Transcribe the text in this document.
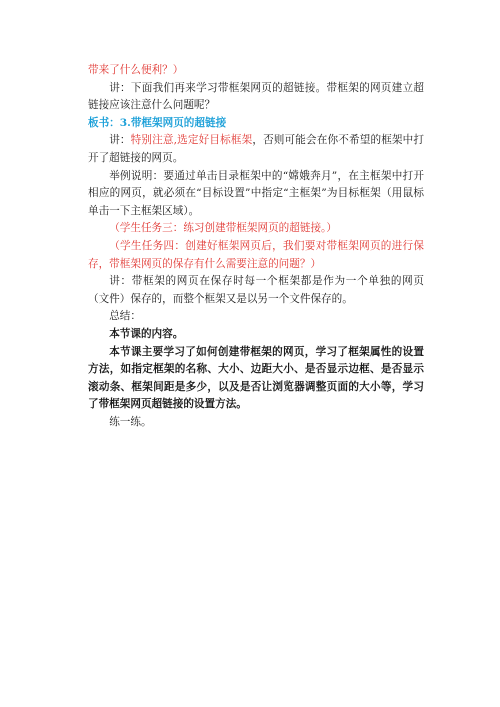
带来了什么便利？）

讲：下面我们再来学习带框架网页的超链接。带框架的网页建立超链接应该注意什么问题呢？

板书：3.带框架网页的超链接

讲：特别注意,选定好目标框架，否则可能会在你不希望的框架中打开了超链接的网页。

举例说明：要通过单击目录框架中的“嫦娥奔月”，在主框架中打开相应的网页，就必须在“目标设置”中指定“主框架”为目标框架（用鼠标单击一下主框架区域）。

（学生任务三：练习创建带框架网页的超链接。）

（学生任务四：创建好框架网页后，我们要对带框架网页的进行保存，带框架网页的保存有什么需要注意的问题？）

讲：带框架的网页在保存时每一个框架都是作为一个单独的网页（文件）保存的，而整个框架又是以另一个文件保存的。

总结：

本节课的内容。

本节课主要学习了如何创建带框架的网页，学习了框架属性的设置方法，如指定框架的名称、大小、边距大小、是否显示边框、是否显示滚动条、框架间距是多少，以及是否让浏览器调整页面的大小等，学习了带框架网页超链接的设置方法。

练一练。
